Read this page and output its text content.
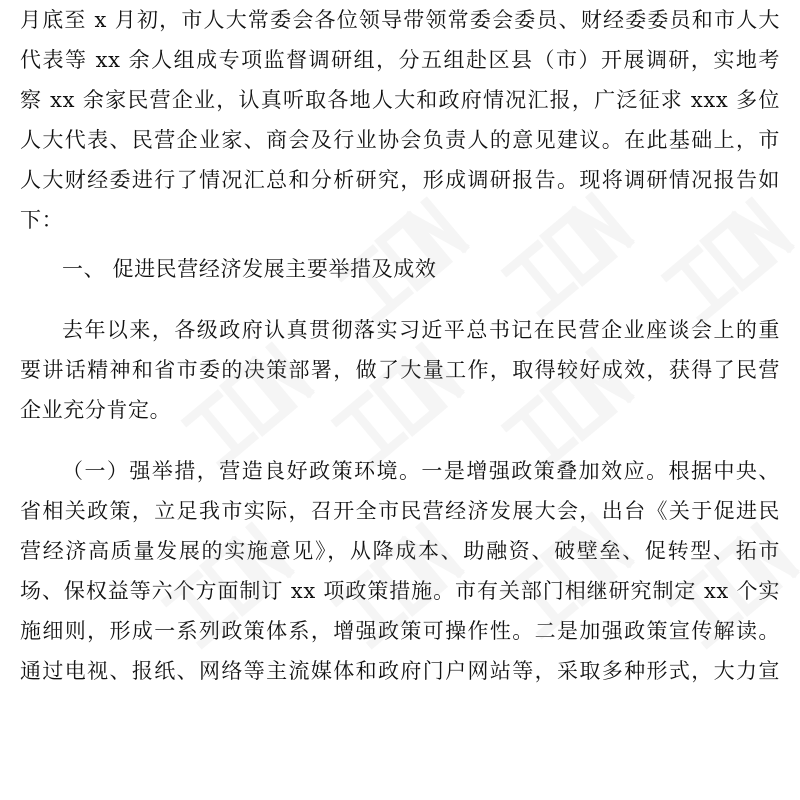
月底至 x 月初，市人大常委会各位领导带领常委会委员、财经委委员和市人大
代表等 xx 余人组成专项监督调研组，分五组赴区县（市）开展调研，实地考
察 xx 余家民营企业，认真听取各地人大和政府情况汇报，广泛征求 xxx 多位
人大代表、民营企业家、商会及行业协会负责人的意见建议。在此基础上，市
人大财经委进行了情况汇总和分析研究，形成调研报告。现将调研情况报告如
下：
一、 促进民营经济发展主要举措及成效
去年以来，各级政府认真贯彻落实习近平总书记在民营企业座谈会上的重
要讲话精神和省市委的决策部署，做了大量工作，取得较好成效，获得了民营
企业充分肯定。
（一）强举措，营造良好政策环境。一是增强政策叠加效应。根据中央、
省相关政策，立足我市实际，召开全市民营经济发展大会，出台《关于促进民
营经济高质量发展的实施意见》，从降成本、助融资、破壁垒、促转型、拓市
场、保权益等六个方面制订 xx 项政策措施。市有关部门相继研究制定 xx 个实
施细则，形成一系列政策体系，增强政策可操作性。二是加强政策宣传解读。
通过电视、报纸、网络等主流媒体和政府门户网站等，采取多种形式，大力宣
